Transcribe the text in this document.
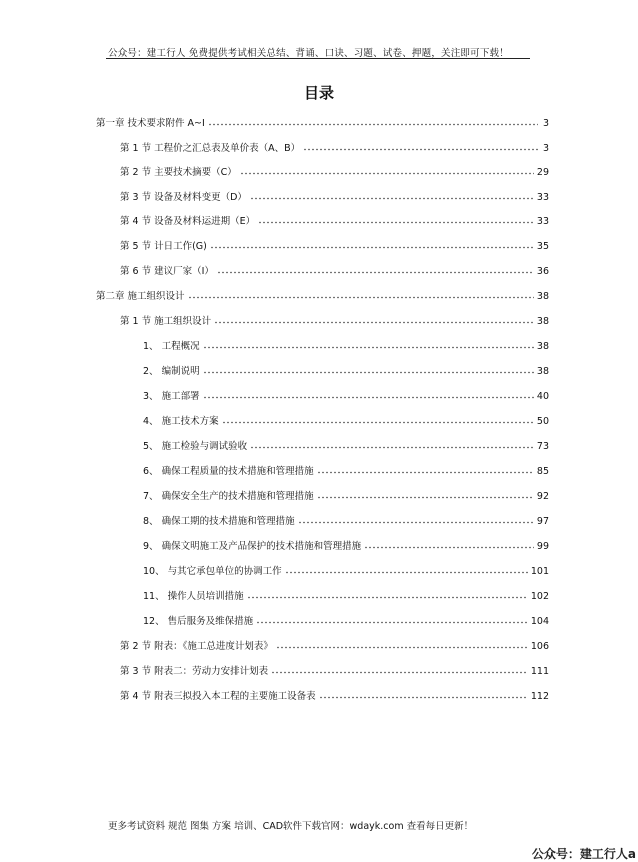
公众号：建工行人 免费提供考试相关总结、背诵、口诀、习题、试卷、押题，关注即可下载！
目录
第一章 技术要求附件 A~I	3
第 1 节 工程价之汇总表及单价表（A、B）	3
第 2 节 主要技术摘要（C）	29
第 3 节 设备及材料变更（D）	33
第 4 节 设备及材料运进期（E）	33
第 5 节 计日工作(G)	35
第 6 节 建议厂家（I）	36
第二章 施工组织设计	38
第 1 节 施工组织设计	38
1、 工程概况	38
2、 编制说明	38
3、 施工部署	40
4、 施工技术方案	50
5、 施工检验与调试验收	73
6、 确保工程质量的技术措施和管理措施	85
7、 确保安全生产的技术措施和管理措施	92
8、 确保工期的技术措施和管理措施	97
9、 确保文明施工及产品保护的技术措施和管理措施	99
10、 与其它承包单位的协调工作	101
11、 操作人员培训措施	102
12、 售后服务及维保措施	104
第 2 节 附表：《施工总进度计划表》	106
第 3 节 附表二：劳动力安排计划表	111
第 4 节 附表三拟投入本工程的主要施工设备表	112
更多考试资料 规范 图集 方案 培训、CAD软件下载官网：wdayk.com 查看每日更新！
公众号：建工行人a
